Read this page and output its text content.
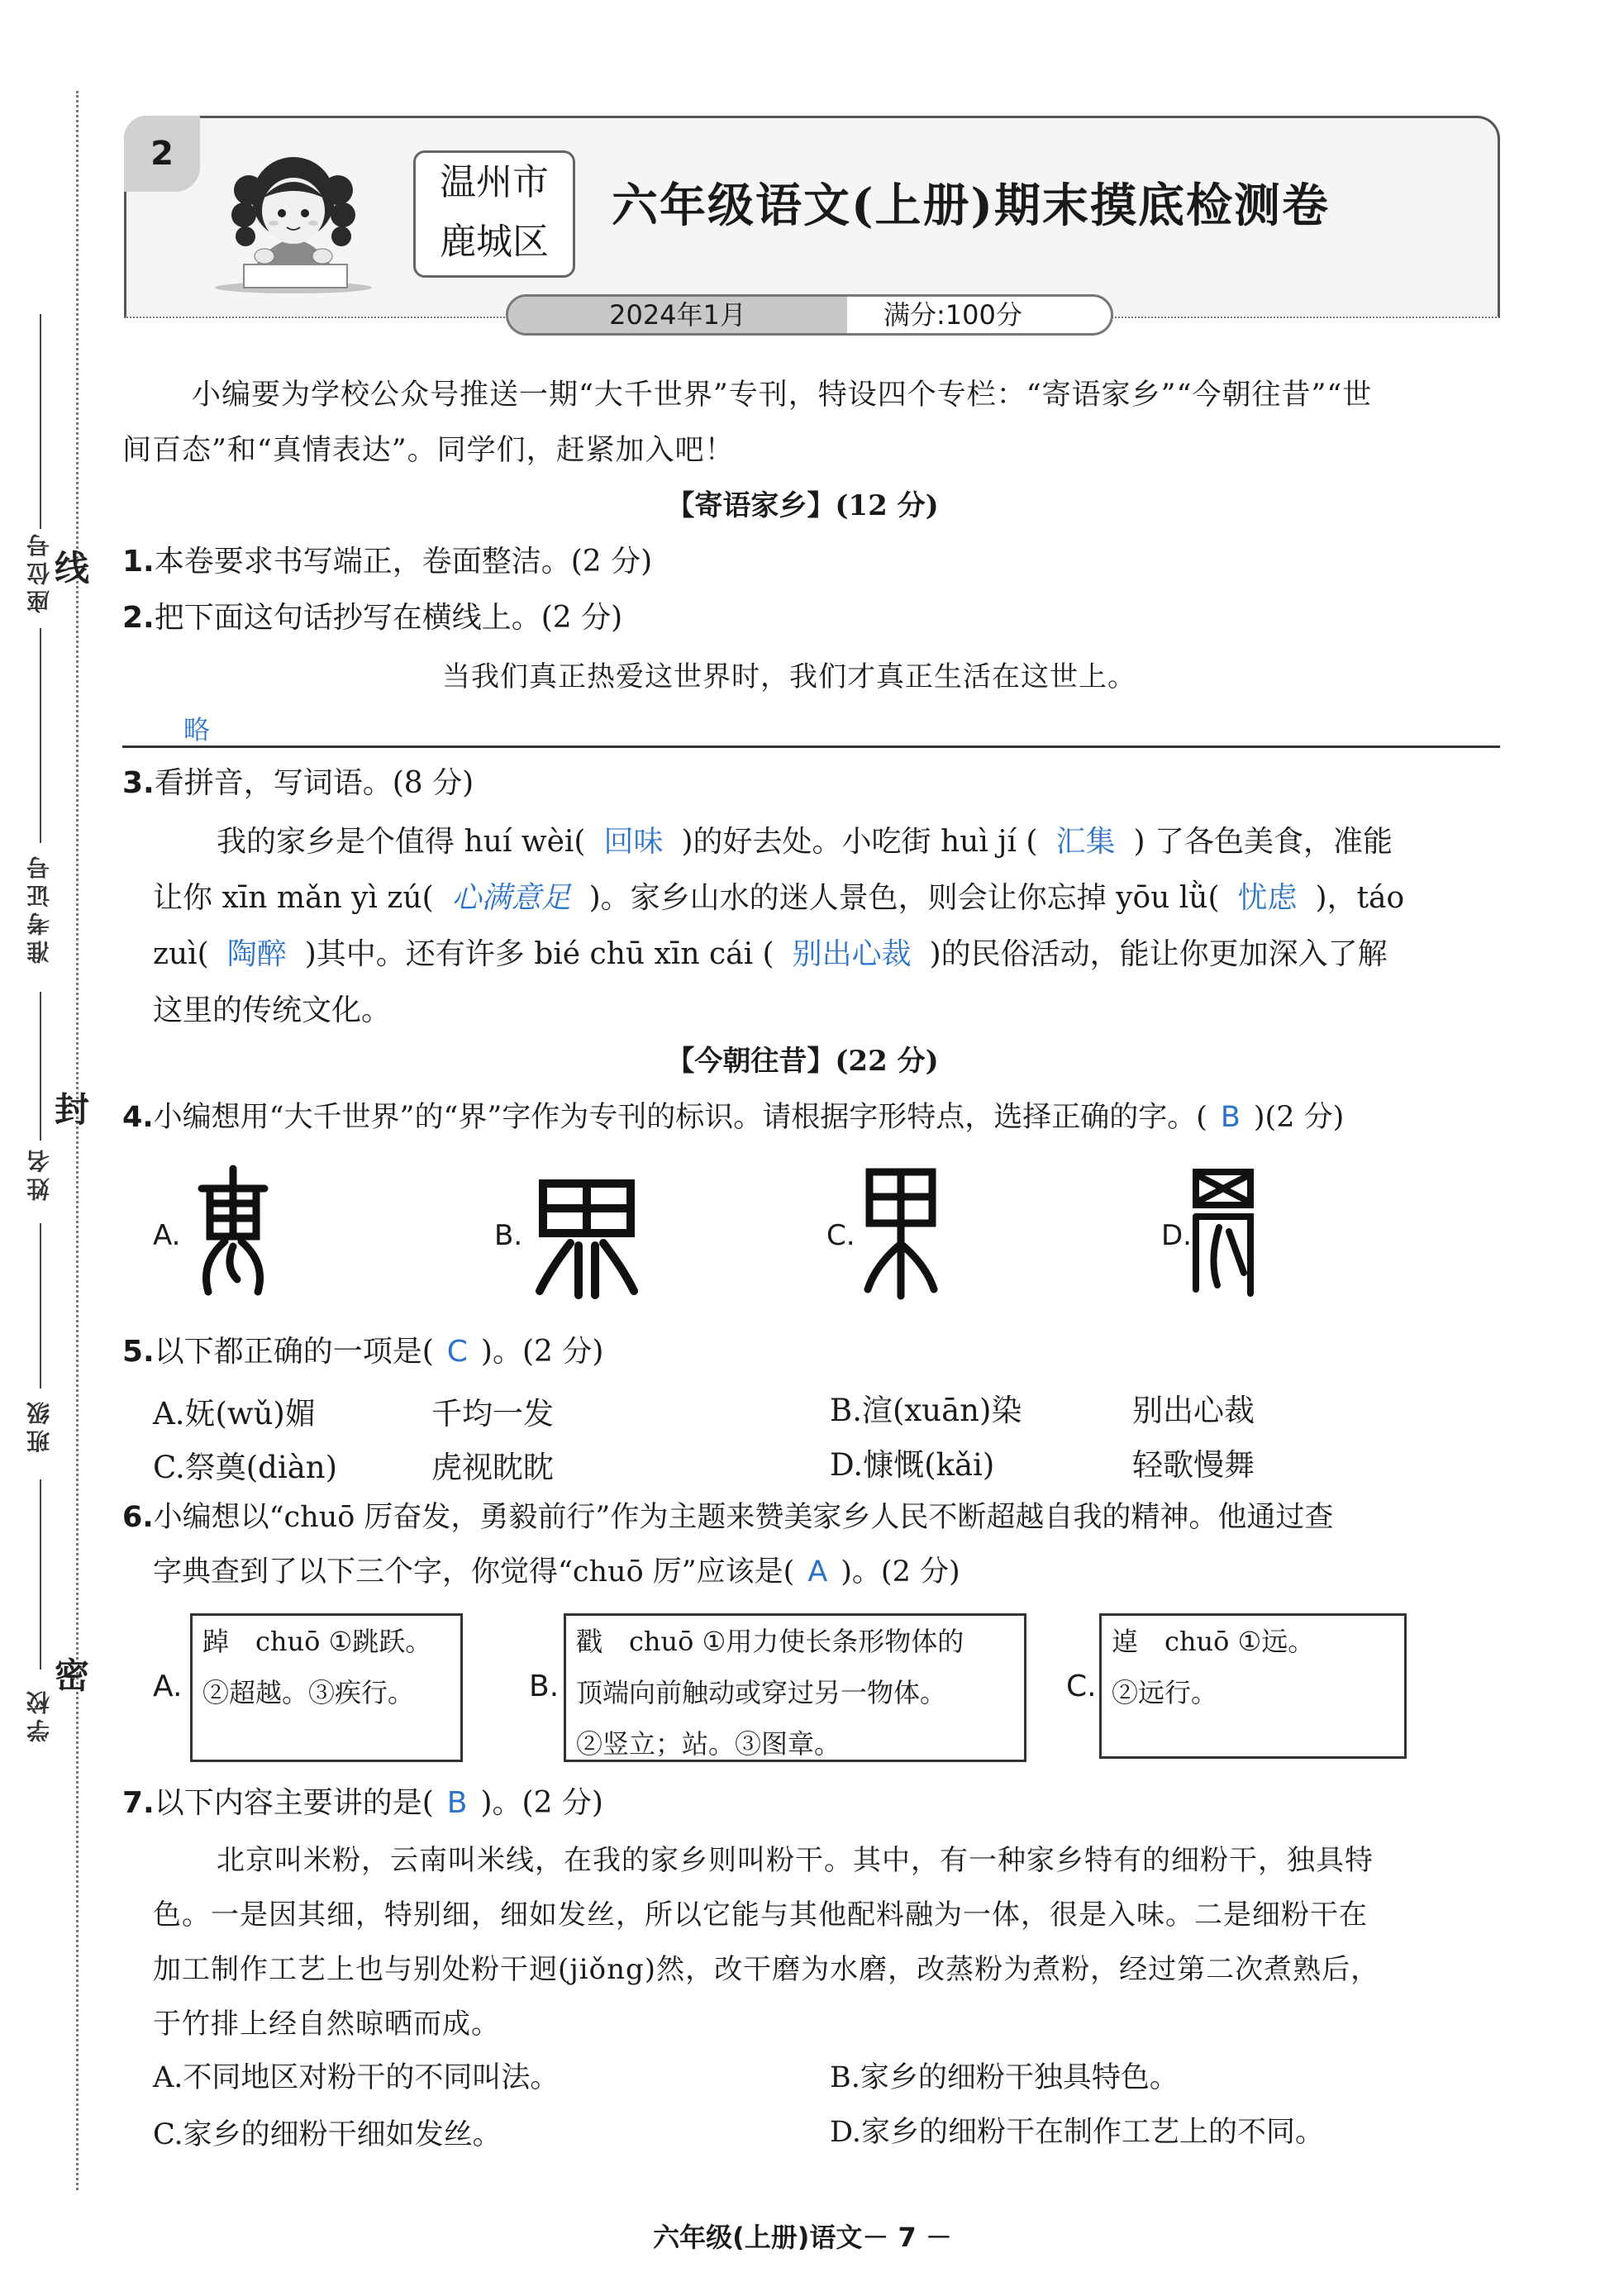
座位号 线
准考证号
封
姓名
班级
密
学校
2
温州市
鹿城区
六年级语文(上册)期末摸底检测卷
2024年1月	满分:100分
小编要为学校公众号推送一期“大千世界”专刊，特设四个专栏：“寄语家乡”“今朝往昔”“世
间百态”和“真情表达”。同学们，赶紧加入吧！
【寄语家乡】(12 分)
1.本卷要求书写端正，卷面整洁。(2 分)
2.把下面这句话抄写在横线上。(2 分)
当我们真正热爱这世界时，我们才真正生活在这世上。
略
3.看拼音，写词语。(8 分)
我的家乡是个值得 huí wèi( 回味 )的好去处。小吃街 huì jí ( 汇集 ) 了各色美食，准能
让你 xīn mǎn yì zú( 心满意足 )。家乡山水的迷人景色，则会让你忘掉 yōu lǜ( 忧虑 )，táo
zuì( 陶醉 )其中。还有许多 bié chū xīn cái ( 别出心裁 )的民俗活动，能让你更加深入了解
这里的传统文化。
【今朝往昔】(22 分)
4.小编想用“大千世界”的“界”字作为专刊的标识。请根据字形特点，选择正确的字。( B )(2 分)
A.	B.	C.	D.
5.以下都正确的一项是( C )。(2 分)
A.妩(wǔ)媚	千均一发	B.渲(xuān)染	别出心裁
C.祭奠(diàn)	虎视眈眈	D.慷慨(kǎi)	轻歌慢舞
6.小编想以“chuō 厉奋发，勇毅前行”作为主题来赞美家乡人民不断超越自我的精神。他通过查
字典查到了以下三个字，你觉得“chuō 厉”应该是( A )。(2 分)
A.
踔　chuō ①跳跃。
②超越。③疾行。	B.
戳　chuō ①用力使长条形物体的
顶端向前触动或穿过另一物体。
②竖立；站。③图章。
C.
逴　chuō ①远。
②远行。
7.以下内容主要讲的是( B )。(2 分)
北京叫米粉，云南叫米线，在我的家乡则叫粉干。其中，有一种家乡特有的细粉干，独具特
色。一是因其细，特别细，细如发丝，所以它能与其他配料融为一体，很是入味。二是细粉干在
加工制作工艺上也与别处粉干迥(jiǒng)然，改干磨为水磨，改蒸粉为煮粉，经过第二次煮熟后，
于竹排上经自然晾晒而成。
A.不同地区对粉干的不同叫法。	B.家乡的细粉干独具特色。
C.家乡的细粉干细如发丝。	D.家乡的细粉干在制作工艺上的不同。
六年级(上册)语文－ 7 －
